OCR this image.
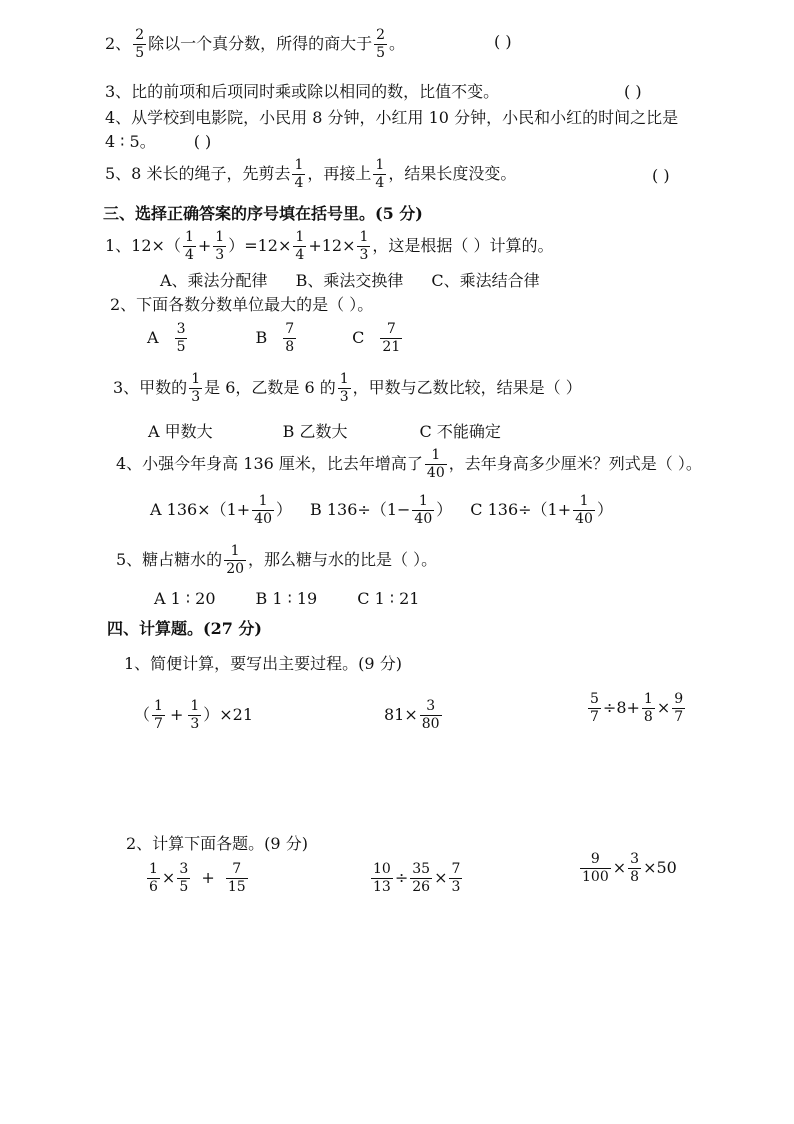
2、 2
5 除以一个真分数，所得的商大于 2
5 。	( )
3、比的前项和后项同时乘或除以相同的数，比值不变。	( )
4、从学校到电影院，小民用 8 分钟，小红用 10 分钟，小民和小红的时间之比是
4 ∶ 5。 ( )
5、8 米长的绳子，先剪去 1
4 ，再接上 1
4 ，结果长度没变。	( )
三、选择正确答案的序号填在括号里。(5 分)
1、12×（ 1
$4 + \frac{1}{3} )=12\times \frac{1}{4} +12\times \frac{1}{3}$ ，这是根据（ ）计算的。
A、乘法分配律 B、乘法交换律 C、乘法结合律
2、下面各数分数单位最大的是（ ）。
A 3
5	B 7
8	C 7
21
3、甲数的 1
3 是 6，乙数是 6 的 1
3 ，甲数与乙数比较，结果是（ ）
A 甲数大	B 乙数大	C 不能确定
4、小强今年身高 136 厘米，比去年增高了 1
40 ，去年身高多少厘米？列式是（ ）。
A $136\times(1+ \frac{1}{40}$ ） B $136\div(1- \frac{1}{40}$ ） C $136\div(1+ \frac{1}{40}$ ）
5、糖占糖水的 1
20 ，那么糖与水的比是（ ）。
A 1 ∶ 20	B 1 ∶ 19	C 1 ∶ 21
四、计算题。(27 分)
1、简便计算，要写出主要过程。(9 分)
（ 1
$7 + \frac{1}{3} )\times 21$	$81\times \frac{3}{80}$	$\frac{5}{7} \div 8+ \frac{1}{8} \times \frac{9}{7}$
2、计算下面各题。(9 分)
$\frac{1}{6} \times \frac{3}{5} + \frac{7}{15}$	$\frac{10}{13} \div \frac{35}{26} \times \frac{7}{3}$	$\frac{9}{100} \times \frac{3}{8} \times 50$
